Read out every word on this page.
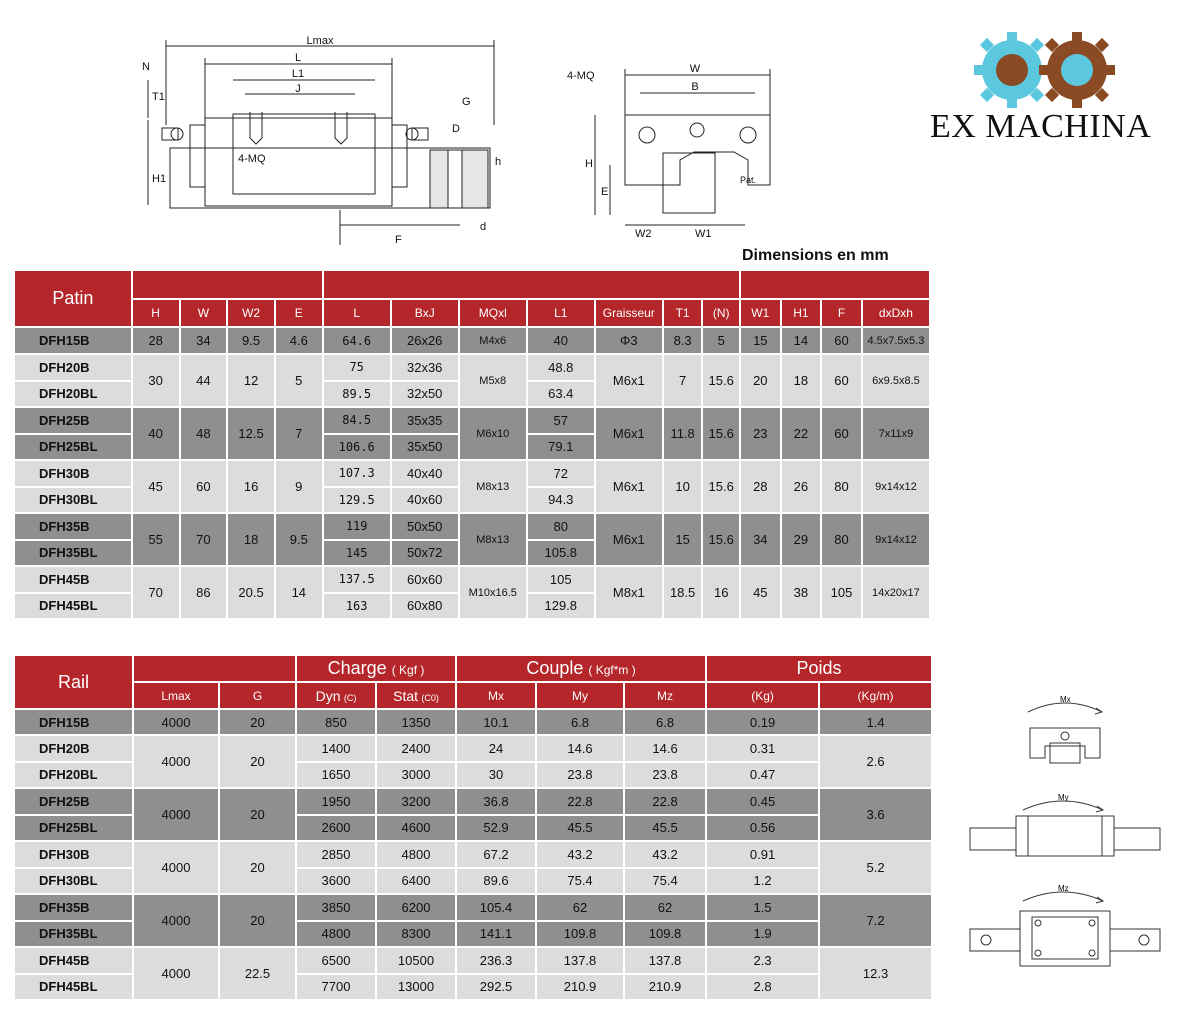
Lmax
L
L1
J
N
T1
H1
4-MQ
G
D
h
d
F
4-MQ
W
B
H
E
W2	W1
Pat.
EX MACHINA
Dimensions en mm
Patin															
	H	W	W2	E	L	BxJ	MQxl	L1	Graisseur	T1	(N)	W1	H1	F	dxDxh
DFH15B	28	34	9.5	4.6	64.6	26x26	M4x6	40	Φ3	8.3	5	15	14	60	4.5x7.5x5.3
DFH20B	30	44	12	5	75	32x36	M5x8	48.8	M6x1	7	15.6	20	18	60	6x9.5x8.5
DFH20BL					89.5	32x50		63.4							
DFH25B	40	48	12.5	7	84.5	35x35	M6x10	57	M6x1	11.8	15.6	23	22	60	7x11x9
DFH25BL					106.6	35x50		79.1							
DFH30B	45	60	16	9	107.3	40x40	M8x13	72	M6x1	10	15.6	28	26	80	9x14x12
DFH30BL					129.5	40x60		94.3							
DFH35B	55	70	18	9.5	119	50x50	M8x13	80	M6x1	15	15.6	34	29	80	9x14x12
DFH35BL					145	50x72		105.8							
DFH45B	70	86	20.5	14	137.5	60x60	M10x16.5	105	M8x1	18.5	16	45	38	105	14x20x17
DFH45BL					163	60x80		129.8							
Rail			Charge ( Kgf )		Couple ( Kgf*m )			Poids	
	Lmax	G	Dyn (C)	Stat (C0)	Mx	My	Mz	(Kg)	(Kg/m)
DFH15B	4000	20	850	1350	10.1	6.8	6.8	0.19	1.4
DFH20B	4000	20	1400	2400	24	14.6	14.6	0.31	2.6
DFH20BL			1650	3000	30	23.8	23.8	0.47	
DFH25B	4000	20	1950	3200	36.8	22.8	22.8	0.45	3.6
DFH25BL			2600	4600	52.9	45.5	45.5	0.56	
DFH30B	4000	20	2850	4800	67.2	43.2	43.2	0.91	5.2
DFH30BL			3600	6400	89.6	75.4	75.4	1.2	
DFH35B	4000	20	3850	6200	105.4	62	62	1.5	7.2
DFH35BL			4800	8300	141.1	109.8	109.8	1.9	
DFH45B	4000	22.5	6500	10500	236.3	137.8	137.8	2.3	12.3
DFH45BL			7700	13000	292.5	210.9	210.9	2.8	
Mx
My
Mz
